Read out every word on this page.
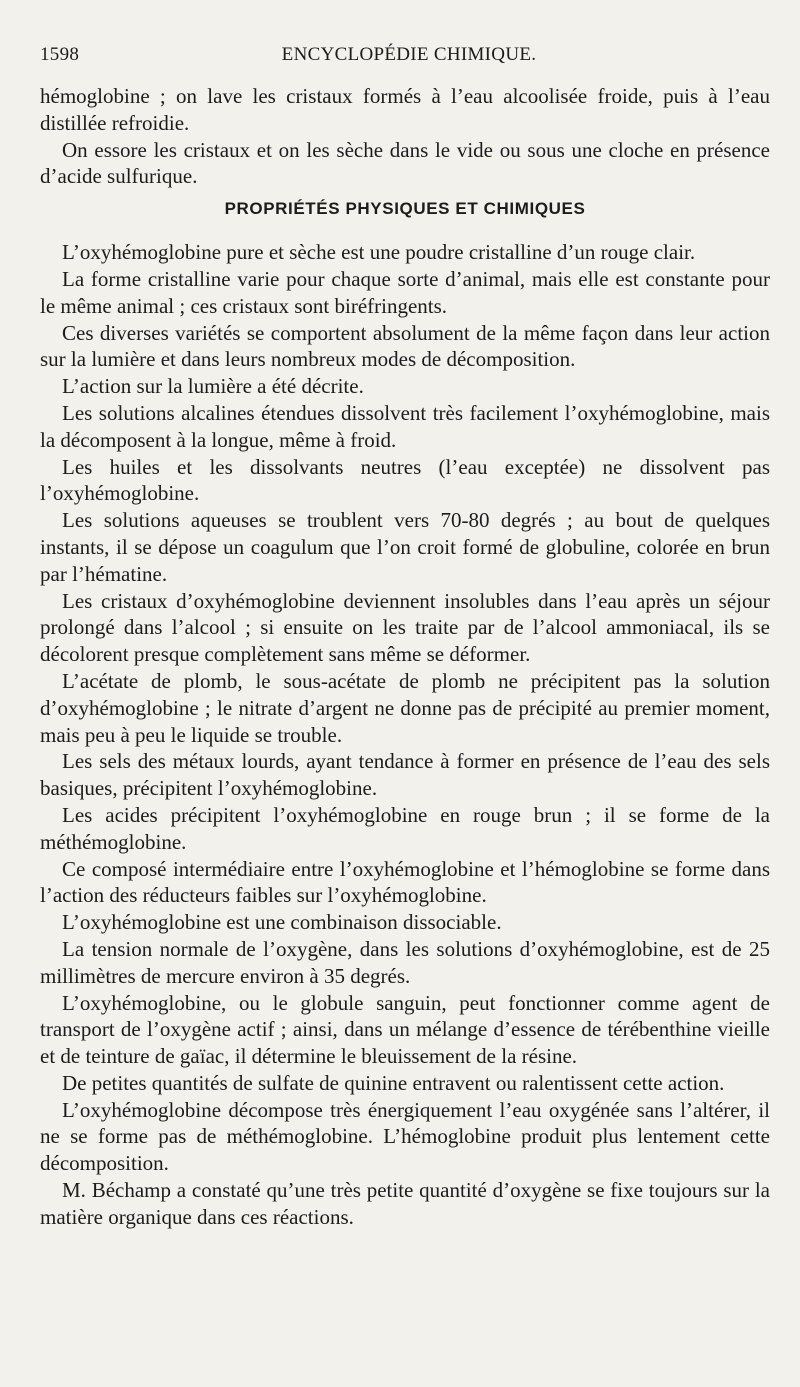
1598	ENCYCLOPÉDIE CHIMIQUE.

hémoglobine ; on lave les cristaux formés à l’eau alcoolisée froide, puis à l’eau distillée refroidie.

On essore les cristaux et on les sèche dans le vide ou sous une cloche en présence d’acide sulfurique.

PROPRIÉTÉS PHYSIQUES ET CHIMIQUES

L’oxyhémoglobine pure et sèche est une poudre cristalline d’un rouge clair.

La forme cristalline varie pour chaque sorte d’animal, mais elle est constante pour le même animal ; ces cristaux sont biréfringents.

Ces diverses variétés se comportent absolument de la même façon dans leur action sur la lumière et dans leurs nombreux modes de décomposition.

L’action sur la lumière a été décrite.

Les solutions alcalines étendues dissolvent très facilement l’oxyhémoglobine, mais la décomposent à la longue, même à froid.

Les huiles et les dissolvants neutres (l’eau exceptée) ne dissolvent pas l’oxyhémoglobine.

Les solutions aqueuses se troublent vers 70-80 degrés ; au bout de quelques instants, il se dépose un coagulum que l’on croit formé de globuline, colorée en brun par l’hématine.

Les cristaux d’oxyhémoglobine deviennent insolubles dans l’eau après un séjour prolongé dans l’alcool ; si ensuite on les traite par de l’alcool ammoniacal, ils se décolorent presque complètement sans même se déformer.

L’acétate de plomb, le sous-acétate de plomb ne précipitent pas la solution d’oxyhémoglobine ; le nitrate d’argent ne donne pas de précipité au premier moment, mais peu à peu le liquide se trouble.

Les sels des métaux lourds, ayant tendance à former en présence de l’eau des sels basiques, précipitent l’oxyhémoglobine.

Les acides précipitent l’oxyhémoglobine en rouge brun ; il se forme de la méthémoglobine.

Ce composé intermédiaire entre l’oxyhémoglobine et l’hémoglobine se forme dans l’action des réducteurs faibles sur l’oxyhémoglobine.

L’oxyhémoglobine est une combinaison dissociable.

La tension normale de l’oxygène, dans les solutions d’oxyhémoglobine, est de 25 millimètres de mercure environ à 35 degrés.

L’oxyhémoglobine, ou le globule sanguin, peut fonctionner comme agent de transport de l’oxygène actif ; ainsi, dans un mélange d’essence de térébenthine vieille et de teinture de gaïac, il détermine le bleuissement de la résine.

De petites quantités de sulfate de quinine entravent ou ralentissent cette action.

L’oxyhémoglobine décompose très énergiquement l’eau oxygénée sans l’altérer, il ne se forme pas de méthémoglobine. L’hémoglobine produit plus lentement cette décomposition.

M. Béchamp a constaté qu’une très petite quantité d’oxygène se fixe toujours sur la matière organique dans ces réactions.
